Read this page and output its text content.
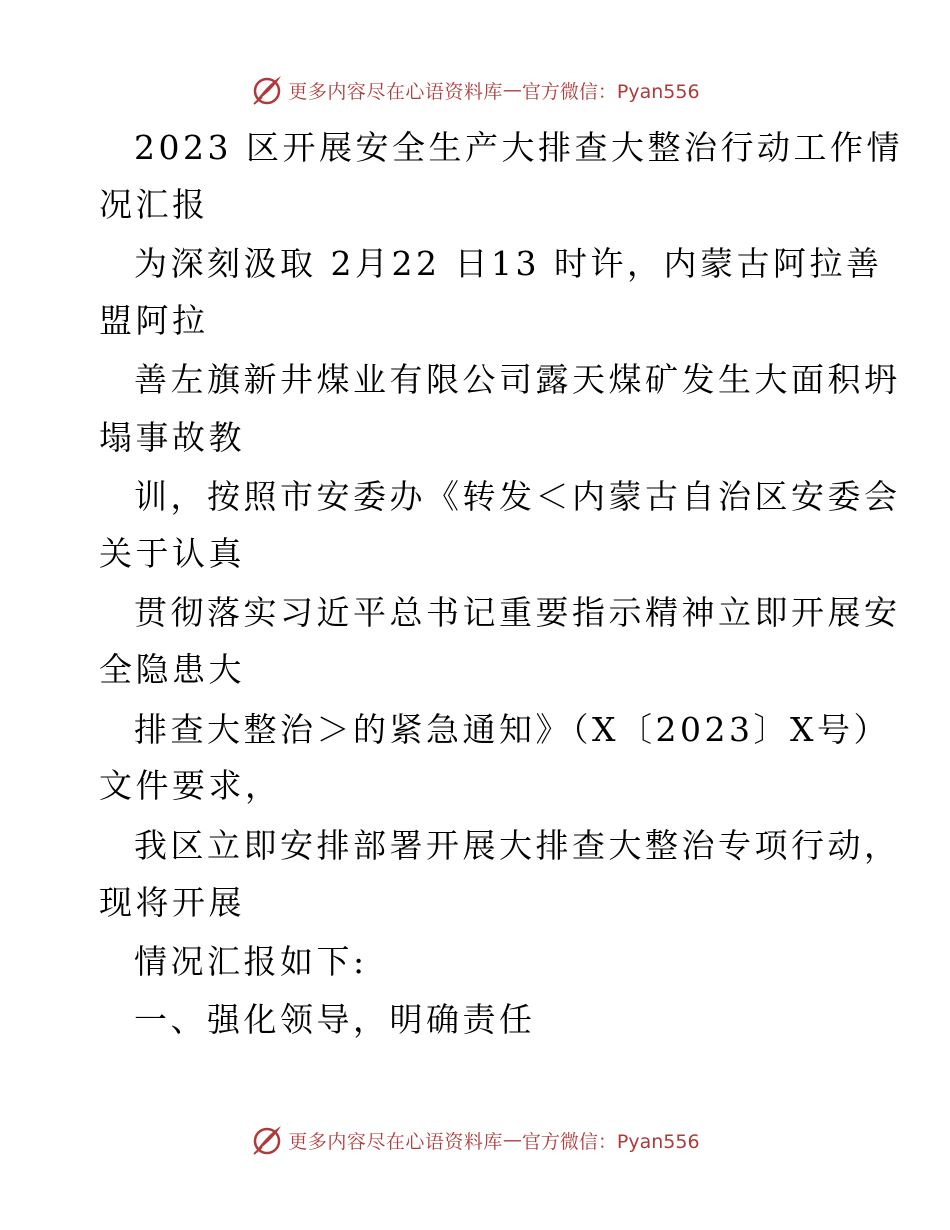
更多内容尽在心语资料库 — 官方微信：Pyan556
2023 区开展安全生产大排查大整治行动工作情
况汇报
为深刻汲取 2月22 日13 时许，内蒙古阿拉善
盟阿拉
善左旗新井煤业有限公司露天煤矿发生大面积坍
塌事故教
训，按照市安委办《转发＜内蒙古自治区安委会
关于认真
贯彻落实习近平总书记重要指示精神立即开展安
全隐患大
排查大整治＞的紧急通知》（X〔2023〕X号）
文件要求，
我区立即安排部署开展大排查大整治专项行动，
现将开展
情况汇报如下:
一、强化领导，明确责任
更多内容尽在心语资料库 — 官方微信：Pyan556
